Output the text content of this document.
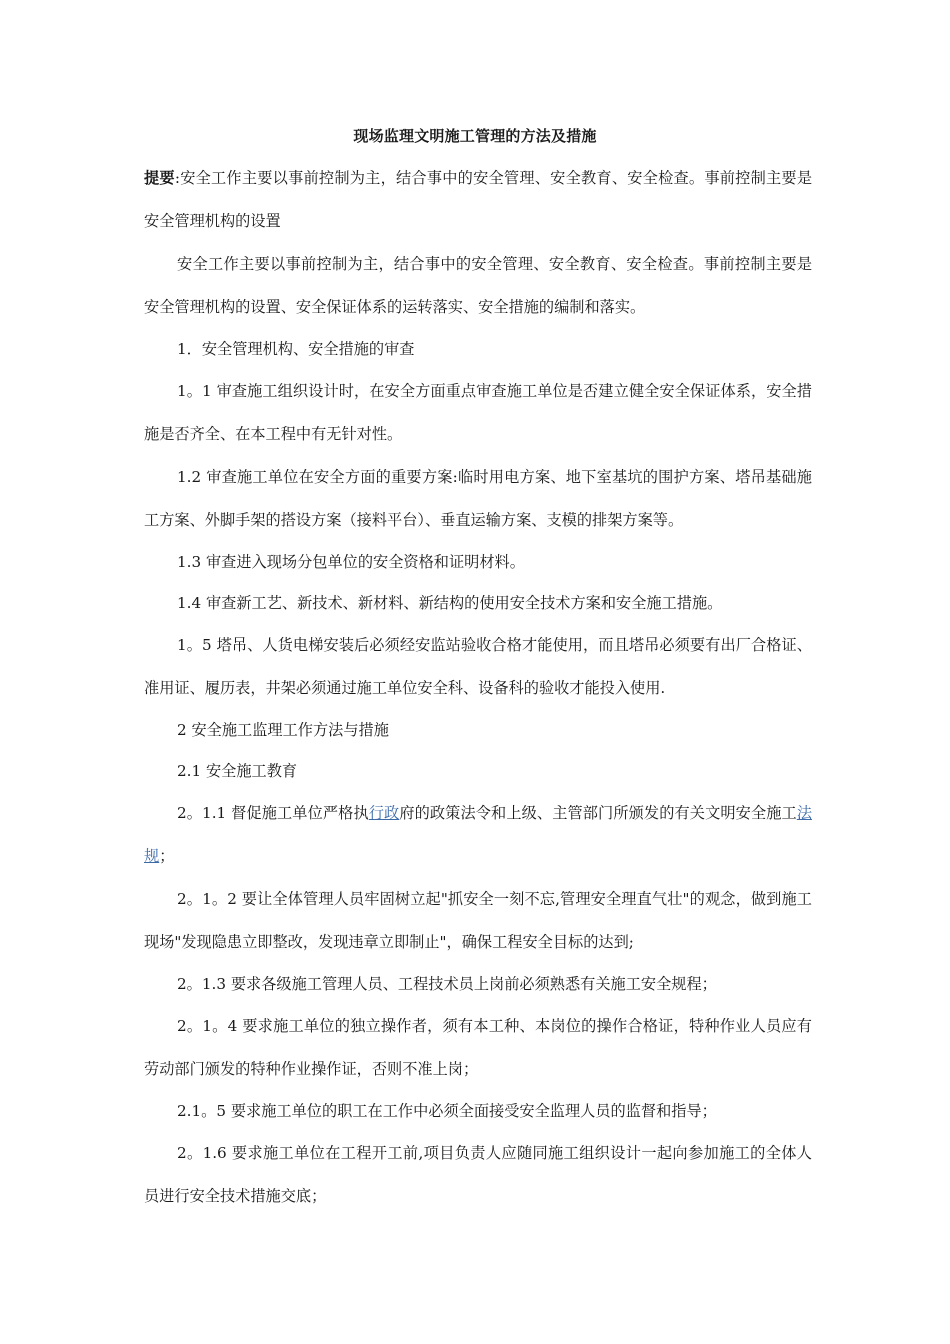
现场监理文明施工管理的方法及措施

提要:安全工作主要以事前控制为主，结合事中的安全管理、安全教育、安全检查。事前控制主要是安全管理机构的设置

安全工作主要以事前控制为主，结合事中的安全管理、安全教育、安全检查。事前控制主要是安全管理机构的设置、安全保证体系的运转落实、安全措施的编制和落实。

1．安全管理机构、安全措施的审查

1。1 审查施工组织设计时，在安全方面重点审查施工单位是否建立健全安全保证体系，安全措施是否齐全、在本工程中有无针对性。

1.2 审查施工单位在安全方面的重要方案:临时用电方案、地下室基坑的围护方案、塔吊基础施工方案、外脚手架的搭设方案（接料平台）、垂直运输方案、支模的排架方案等。

1.3 审查进入现场分包单位的安全资格和证明材料。

1.4 审查新工艺、新技术、新材料、新结构的使用安全技术方案和安全施工措施。

1。5 塔吊、人货电梯安装后必须经安监站验收合格才能使用，而且塔吊必须要有出厂合格证、准用证、履历表，井架必须通过施工单位安全科、设备科的验收才能投入使用.

2 安全施工监理工作方法与措施

2.1 安全施工教育

2。1.1 督促施工单位严格执行政府的政策法令和上级、主管部门所颁发的有关文明安全施工法规；

2。1。2 要让全体管理人员牢固树立起"抓安全一刻不忘,管理安全理直气壮"的观念，做到施工现场"发现隐患立即整改，发现违章立即制止"，确保工程安全目标的达到;

2。1.3 要求各级施工管理人员、工程技术员上岗前必须熟悉有关施工安全规程；

2。1。4 要求施工单位的独立操作者，须有本工种、本岗位的操作合格证，特种作业人员应有劳动部门颁发的特种作业操作证，否则不准上岗；

2.1。5 要求施工单位的职工在工作中必须全面接受安全监理人员的监督和指导；

2。1.6 要求施工单位在工程开工前,项目负责人应随同施工组织设计一起向参加施工的全体人员进行安全技术措施交底；
